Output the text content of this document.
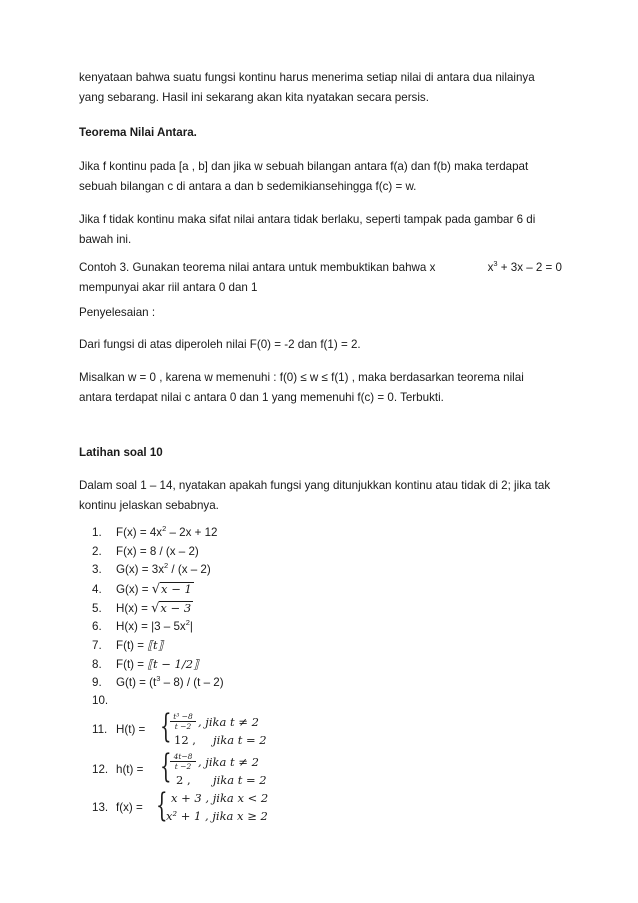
kenyataan bahwa suatu fungsi kontinu harus menerima setiap nilai di antara dua nilainya
yang sebarang. Hasil ini sekarang akan kita nyatakan secara persis.

Teorema Nilai Antara.

Jika f kontinu pada [a , b] dan jika w sebuah bilangan antara f(a) dan f(b) maka terdapat
sebuah bilangan c di antara a dan b sedemikiansehingga f(c) = w.

Jika f tidak kontinu maka sifat nilai antara tidak berlaku, seperti tampak pada gambar 6 di
bawah ini.

Contoh 3. Gunakan teorema nilai antara untuk membuktikan bahwa x	$x^3 + 3x - 2 = 0$
mempunyai akar riil antara 0 dan 1

Penyelesaian :

Dari fungsi di atas diperoleh nilai F(0) = -2 dan f(1) = 2.

Misalkan w = 0 , karena w memenuhi : f(0) ≤ w ≤ f(1) , maka berdasarkan teorema nilai
antara terdapat nilai c antara 0 dan 1 yang memenuhi f(c) = 0. Terbukti.

Latihan soal 10

Dalam soal 1 – 14, nyatakan apakah fungsi yang ditunjukkan kontinu atau tidak di 2; jika tak
kontinu jelaskan sebabnya.

1. $F(x) = 4x^2 - 2x + 12$
2. F(x) = 8 / (x – 2)
3. $G(x) = 3x^2 / (x - 2)$
4. G(x) = √x − 1
5. H(x) = √x − 3
6. $H(x) = |3 - 5x^2|$
7. F(t) = ⟦t⟧
8. F(t) = ⟦t − 1/2⟧
9. $G(t) = (t^3 - 8) / (t - 2)$
10.
11. H(t) = {
$\frac{\text{t³ −8}}{t -2}$ , jika t ≠ 2
12 , jika t = 2
12. h(t) = {
$\frac{4t-8}{t -2}$ , jika t ≠ 2
2 , jika t = 2
13. f(x) = { x + 3 , jika x < 2
x² + 1 , jika x ≥ 2
